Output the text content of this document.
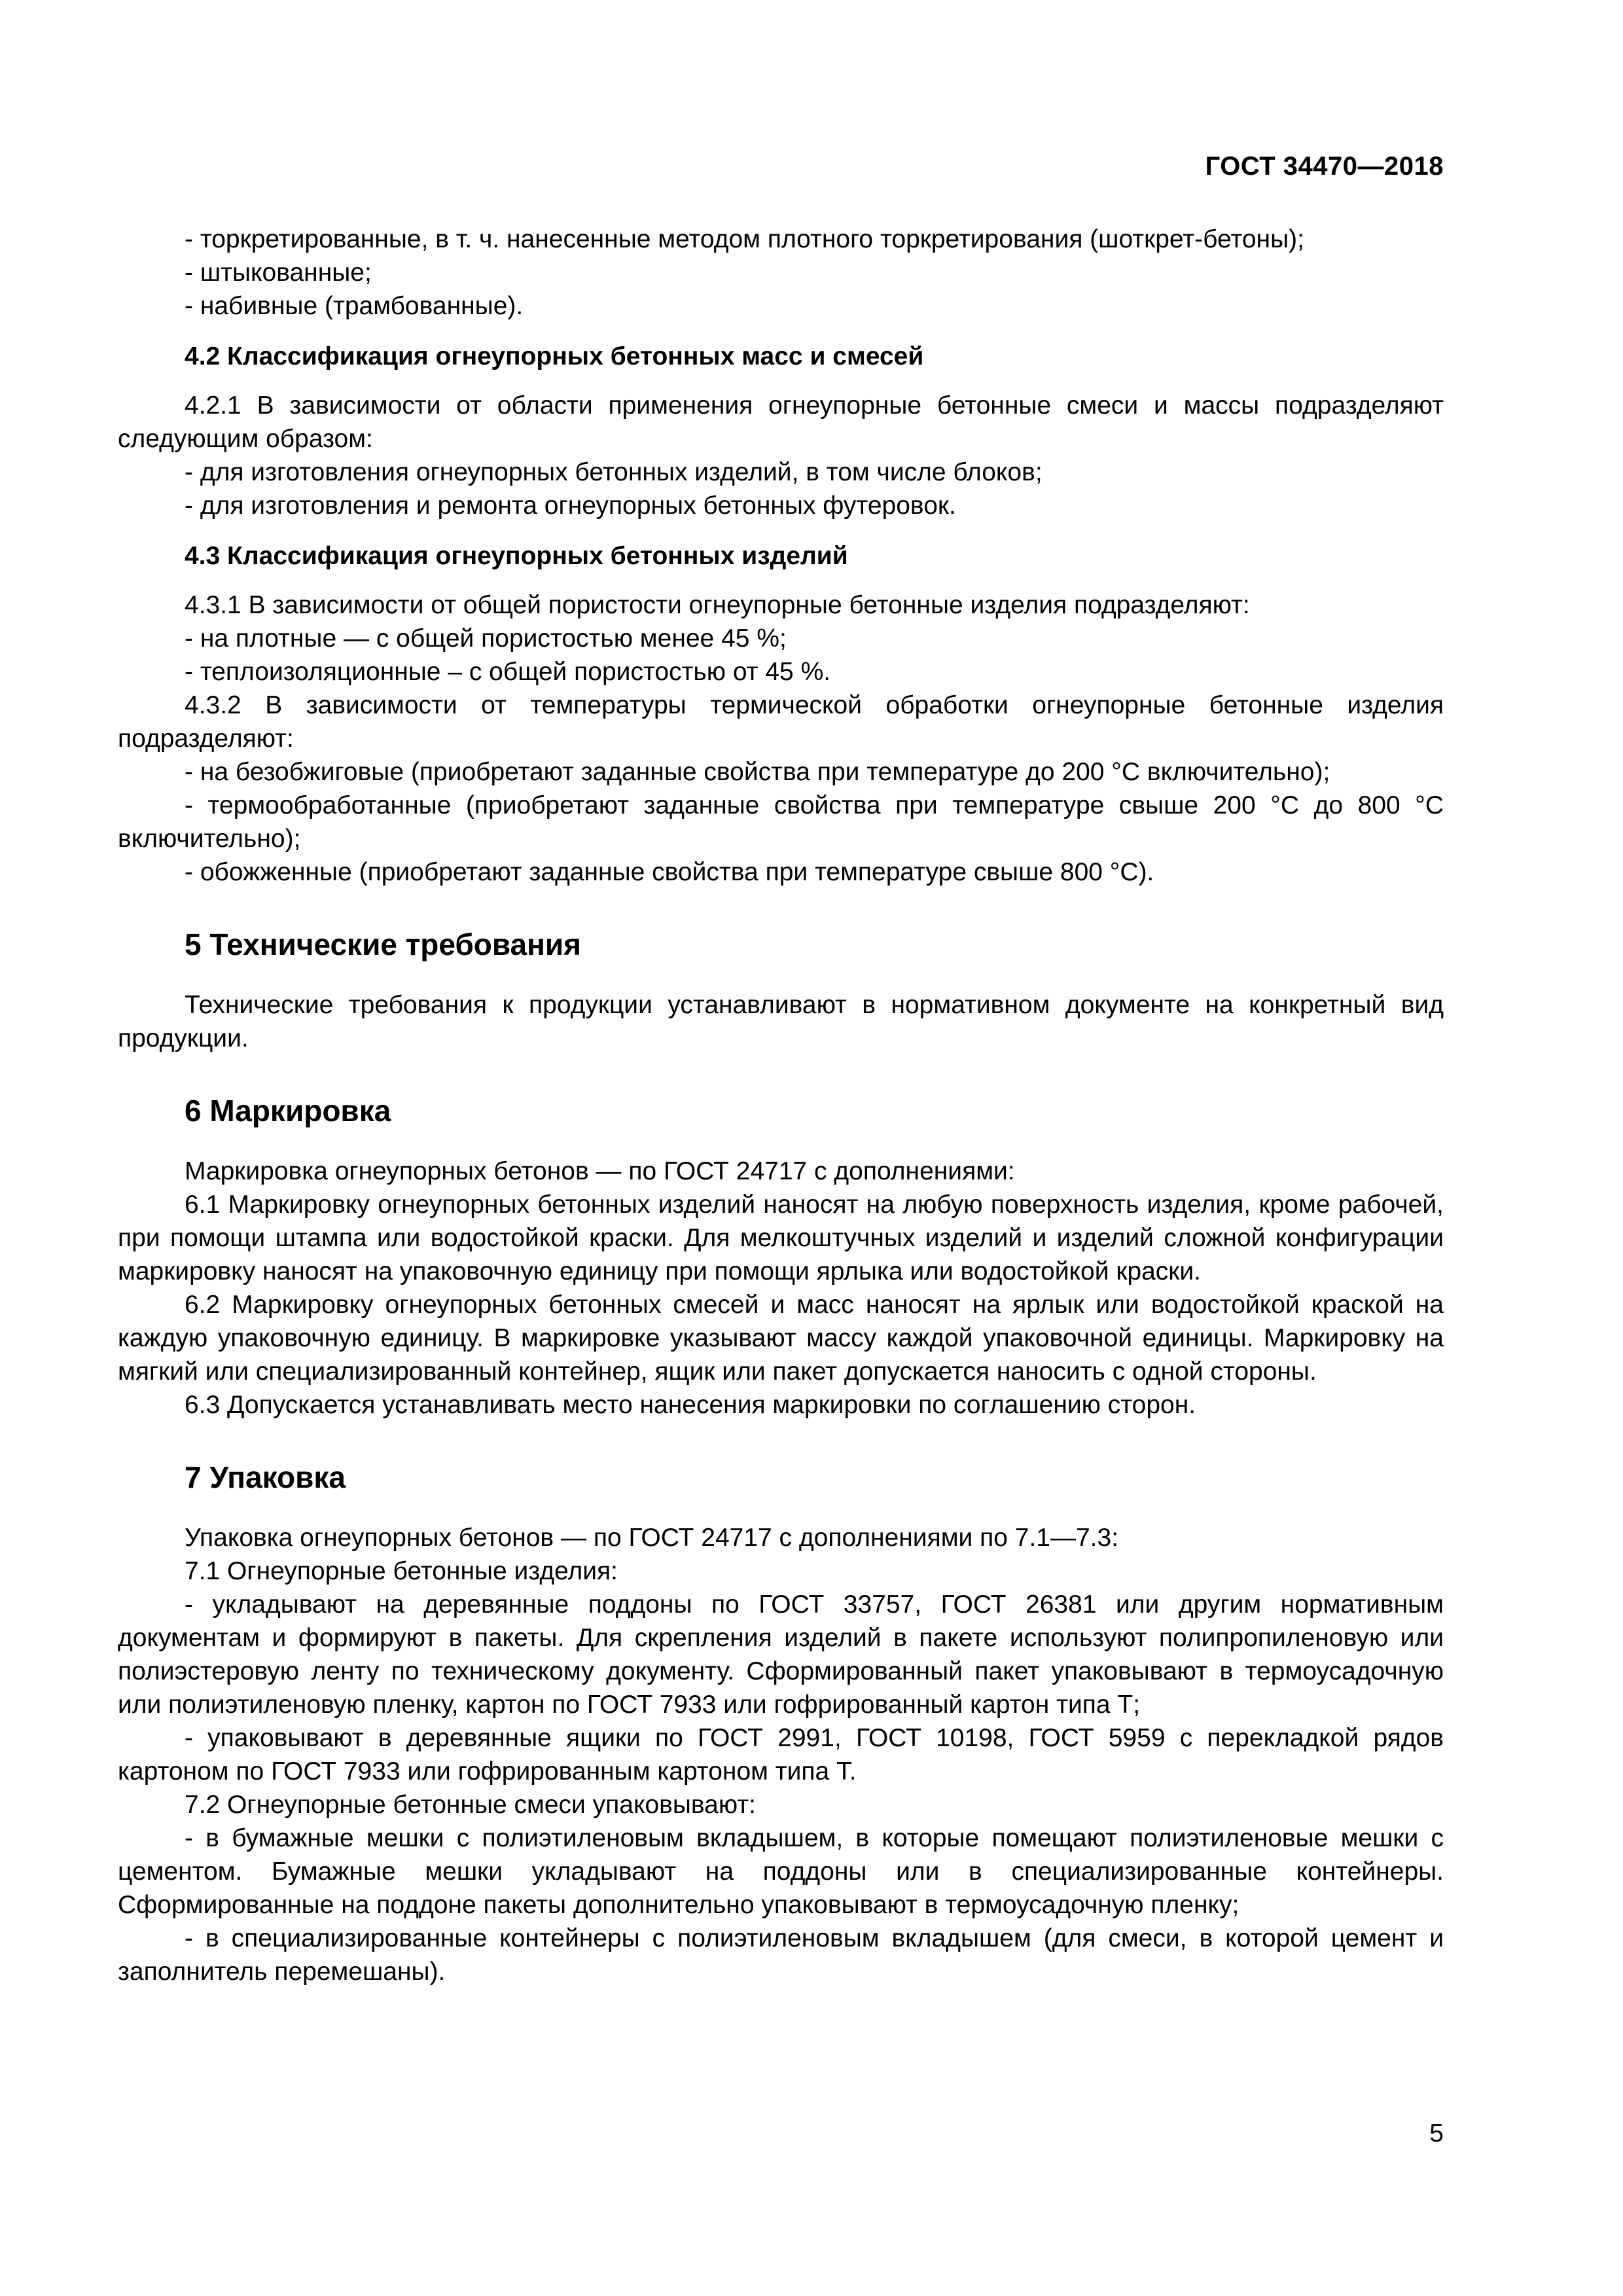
ГОСТ 34470—2018

- торкретированные, в т. ч. нанесенные методом плотного торкретирования (шоткрет-бетоны);

- штыкованные;

- набивные (трамбованные).

4.2 Классификация огнеупорных бетонных масс и смесей

4.2.1 В зависимости от области применения огнеупорные бетонные смеси и массы подразделяют следующим образом:

- для изготовления огнеупорных бетонных изделий, в том числе блоков;

- для изготовления и ремонта огнеупорных бетонных футеровок.

4.3 Классификация огнеупорных бетонных изделий

4.3.1 В зависимости от общей пористости огнеупорные бетонные изделия подразделяют:

- на плотные — с общей пористостью менее 45 %;

- теплоизоляционные – с общей пористостью от 45 %.

4.3.2 В зависимости от температуры термической обработки огнеупорные бетонные изделия подразделяют:

- на безобжиговые (приобретают заданные свойства при температуре до 200 °С включительно);

- термообработанные (приобретают заданные свойства при температуре свыше 200 °С до 800 °С включительно);

- обожженные (приобретают заданные свойства при температуре свыше 800 °С).

5 Технические требования

Технические требования к продукции устанавливают в нормативном документе на конкретный вид продукции.

6 Маркировка

Маркировка огнеупорных бетонов — по ГОСТ 24717 с дополнениями:

6.1 Маркировку огнеупорных бетонных изделий наносят на любую поверхность изделия, кроме рабочей, при помощи штампа или водостойкой краски. Для мелкоштучных изделий и изделий сложной конфигурации маркировку наносят на упаковочную единицу при помощи ярлыка или водостойкой краски.

6.2 Маркировку огнеупорных бетонных смесей и масс наносят на ярлык или водостойкой краской на каждую упаковочную единицу. В маркировке указывают массу каждой упаковочной единицы. Маркировку на мягкий или специализированный контейнер, ящик или пакет допускается наносить с одной стороны.

6.3 Допускается устанавливать место нанесения маркировки по соглашению сторон.

7 Упаковка

Упаковка огнеупорных бетонов — по ГОСТ 24717 с дополнениями по 7.1—7.3:

7.1 Огнеупорные бетонные изделия:

- укладывают на деревянные поддоны по ГОСТ 33757, ГОСТ 26381 или другим нормативным документам и формируют в пакеты. Для скрепления изделий в пакете используют полипропиленовую или полиэстеровую ленту по техническому документу. Сформированный пакет упаковывают в термоусадочную или полиэтиленовую пленку, картон по ГОСТ 7933 или гофрированный картон типа Т;

- упаковывают в деревянные ящики по ГОСТ 2991, ГОСТ 10198, ГОСТ 5959 с перекладкой рядов картоном по ГОСТ 7933 или гофрированным картоном типа Т.

7.2 Огнеупорные бетонные смеси упаковывают:

- в бумажные мешки с полиэтиленовым вкладышем, в которые помещают полиэтиленовые мешки с цементом. Бумажные мешки укладывают на поддоны или в специализированные контейнеры. Сформированные на поддоне пакеты дополнительно упаковывают в термоусадочную пленку;

- в специализированные контейнеры с полиэтиленовым вкладышем (для смеси, в которой цемент и заполнитель перемешаны).

5
